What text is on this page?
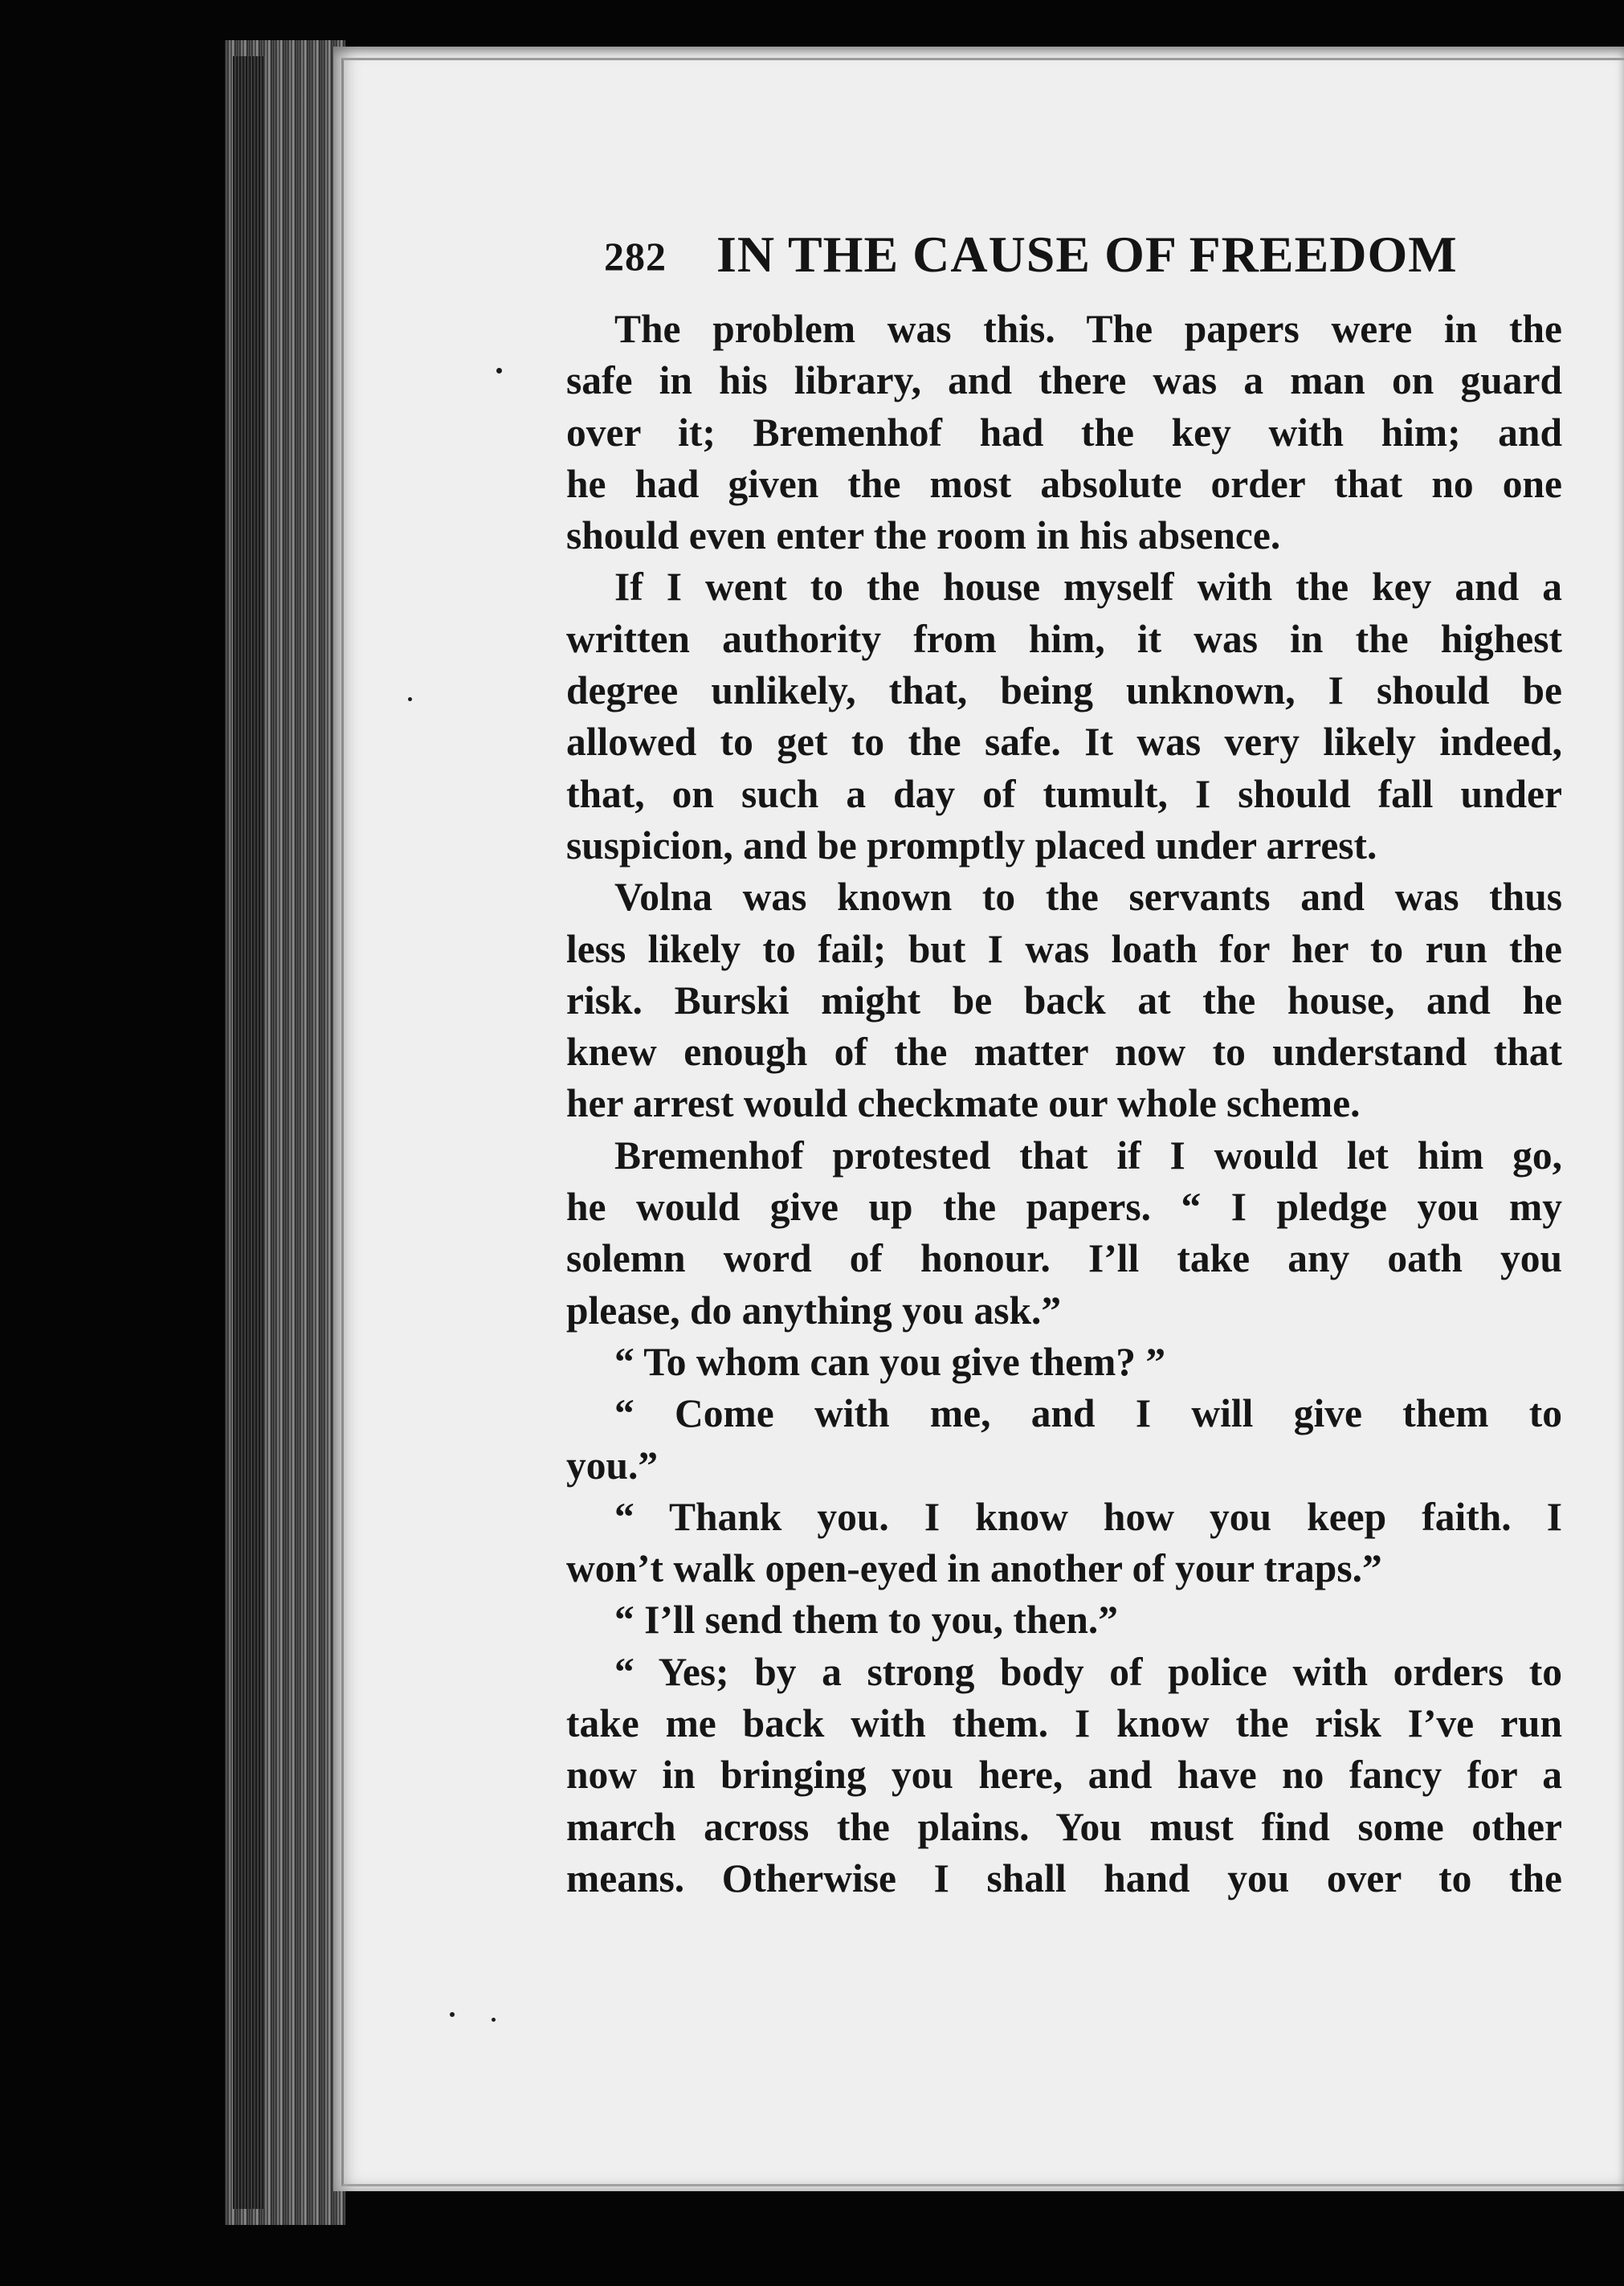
282 IN THE CAUSE OF FREEDOM
The problem was this. The papers were in the
safe in his library, and there was a man on guard
over it; Bremenhof had the key with him; and
he had given the most absolute order that no one
should even enter the room in his absence.
If I went to the house myself with the key and a
written authority from him, it was in the highest
degree unlikely, that, being unknown, I should be
allowed to get to the safe. It was very likely indeed,
that, on such a day of tumult, I should fall under
suspicion, and be promptly placed under arrest.
Volna was known to the servants and was thus
less likely to fail; but I was loath for her to run the
risk. Burski might be back at the house, and he
knew enough of the matter now to understand that
her arrest would checkmate our whole scheme.
Bremenhof protested that if I would let him go,
he would give up the papers. “ I pledge you my
solemn word of honour. I’ll take any oath you
please, do anything you ask.”
“ To whom can you give them? ”
“ Come with me, and I will give them to
you.”
“ Thank you. I know how you keep faith. I
won’t walk open-eyed in another of your traps.”
“ I’ll send them to you, then.”
“ Yes; by a strong body of police with orders to
take me back with them. I know the risk I’ve run
now in bringing you here, and have no fancy for a
march across the plains. You must find some other
means. Otherwise I shall hand you over to the
